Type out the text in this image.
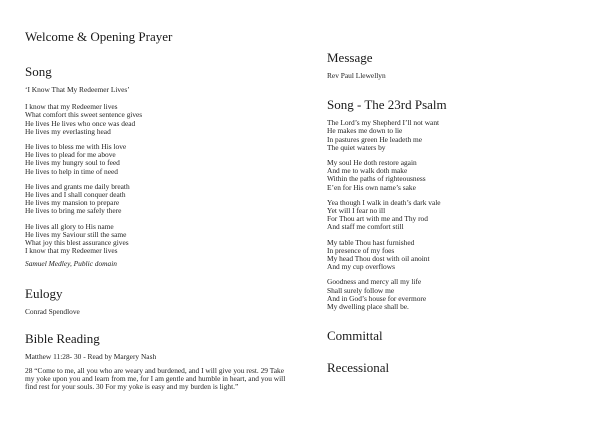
Welcome & Opening Prayer
Song

‘I Know That My Redeemer Lives’

I know that my Redeemer lives
What comfort this sweet sentence gives
He lives He lives who once was dead
He lives my everlasting head

He lives to bless me with His love
He lives to plead for me above
He lives my hungry soul to feed
He lives to help in time of need

He lives and grants me daily breath
He lives and I shall conquer death
He lives my mansion to prepare
He lives to bring me safely there

He lives all glory to His name
He lives my Saviour still the same
What joy this blest assurance gives
I know that my Redeemer lives

Samuel Medley, Public domain

Eulogy

Conrad Spendlove

Bible Reading

Matthew 11:28- 30 - Read by Margery Nash

28 “Come to me, all you who are weary and burdened, and I will give you rest. 29 Take my yoke upon you and learn from me, for I am gentle and humble in heart, and you will find rest for your souls. 30 For my yoke is easy and my burden is light.”

Message

Rev Paul Llewellyn

Song - The 23rd Psalm

The Lord’s my Shepherd I’ll not want
He makes me down to lie
In pastures green He leadeth me
The quiet waters by

My soul He doth restore again
And me to walk doth make
Within the paths of righteousness
E’en for His own name’s sake

Yea though I walk in death’s dark vale
Yet will I fear no ill
For Thou art with me and Thy rod
And staff me comfort still

My table Thou hast furnished
In presence of my foes
My head Thou dost with oil anoint
And my cup overflows

Goodness and mercy all my life
Shall surely follow me
And in God’s house for evermore
My dwelling place shall be.

Committal
Recessional
